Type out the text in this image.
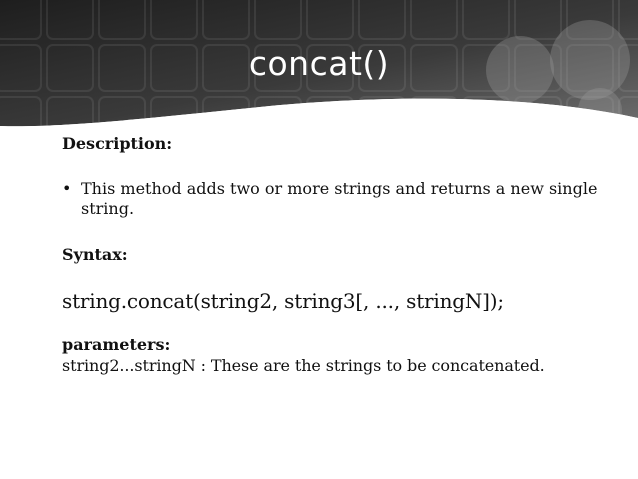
concat()

Description:

• This method adds two or more strings and returns a new single string.

Syntax:

string.concat(string2, string3[, ..., stringN]);

parameters:

string2...stringN : These are the strings to be concatenated.
